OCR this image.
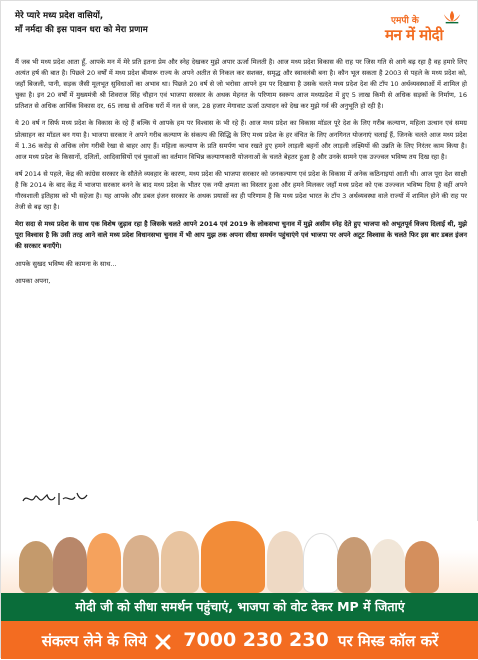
मेरे प्यारे मध्य प्रदेश वासियों,
माँ नर्मदा की इस पावन धरा को मेरा प्रणाम
एमपी के
मन में मोदी

मैं जब भी मध्य प्रदेश आता हूँ, आपके मन में मेरे प्रति इतना प्रेम और स्नेह देखकर मुझे अपार ऊर्जा मिलती है। आज मध्य प्रदेश विकास की राह पर जिस गति से आगे बढ़ रहा है वह हमारे लिए अत्यंत हर्ष की बात है। पिछले 20 वर्षों में मध्य प्रदेश बीमारू राज्य के अपने अतीत से निकल कर सशक्त, समृद्ध और स्वावलंबी बना है। कौन भूल सकता है 2003 से पहले के मध्य प्रदेश को, जहाँ बिजली, पानी, सड़क जैसी मूलभूत सुविधाओं का अभाव था। पिछले 20 वर्ष से जो भरोसा आपने हम पर दिखाया है उसके चलते मध्य प्रदेश देश की टॉप 10 अर्थव्यवस्थाओं में शामिल हो चुका है। इन 20 वर्षों में मुख्यमंत्री श्री शिवराज सिंह चौहान एवं भाजपा सरकार के अथक मेहनत के परिणाम स्वरूप आज मध्यप्रदेश में हुए 5 लाख किमी से अधिक सड़कों के निर्माण, 16 प्रतिशत से अधिक आर्थिक विकास दर, 65 लाख से अधिक घरों में नल से जल, 28 हजार मेगावाट ऊर्जा उत्पादन को देख कर मुझे गर्व की अनुभूति हो रही है।

ये 20 वर्ष न सिर्फ मध्य प्रदेश के विकास के रहे हैं बल्कि ये आपके हम पर विश्वास के भी रहे हैं। आज मध्य प्रदेश का विकास मॉडल पूरे देश के लिए गरीब कल्याण, महिला उत्थान एवं समग्र प्रोत्साहन का मॉडल बन गया है। भाजपा सरकार ने अपने गरीब कल्याण के संकल्प की सिद्धि के लिए मध्य प्रदेश के हर वंचित के लिए अनगिनत योजनाएं चलाई हैं, जिनके चलते आज मध्य प्रदेश में 1.36 करोड़ से अधिक लोग गरीबी रेखा से बाहर आए हैं। महिला कल्याण के प्रति समर्पण भाव रखते हुए हमने लाड़ली बहनों और लाड़ली लक्ष्मियों की उन्नति के लिए निरंतर काम किया है। आज मध्य प्रदेश के किसानों, दलितों, आदिवासियों एवं युवाओं का वर्तमान विभिन्न कल्याणकारी योजनाओं के चलते बेहतर हुआ है और उनके सामने एक उज्ज्वल भविष्य तय दिख रहा है।

वर्ष 2014 से पहले, केंद्र की कांग्रेस सरकार के सौतेले व्यवहार के कारण, मध्य प्रदेश की भाजपा सरकार को जनकल्याण एवं प्रदेश के विकास में अनेक कठिनाइयां आती थी। आज पूरा देश साक्षी है कि 2014 के बाद केंद्र में भाजपा सरकार बनने के बाद मध्य प्रदेश के भीतर एक नयी क्षमता का विस्तार हुआ और हमने मिलकर जहाँ मध्य प्रदेश को एक उज्ज्वल भविष्य दिया है वहीं अपने गौरवशाली इतिहास को भी सहेजा है। यह आपके और डबल इंजन सरकार के अथक प्रयासों का ही परिणाम है कि मध्य प्रदेश भारत के टॉप 3 अर्थव्यवस्था वाले राज्यों में शामिल होने की राह पर तेजी से बढ़ रहा है।

मेरा सदा से मध्य प्रदेश के साथ एक विशेष जुड़ाव रहा है जिसके चलते आपने 2014 एवं 2019 के लोकसभा चुनाव में मुझे असीम स्नेह देते हुए भाजपा को अभूतपूर्व विजय दिलाई थी, मुझे पूरा विश्वास है कि उसी तरह आने वाले मध्य प्रदेश विधानसभा चुनाव में भी आप मुझ तक अपना सीधा समर्थन पहुंचाएंगे एवं भाजपा पर अपने अटूट विश्वास के चलते फिर इस बार डबल इंजन की सरकार बनाएँगे।

आपके सुखद भविष्य की कामना के साथ...

आपका अपना,

मोदी जी को सीधा समर्थन पहुंचाएं, भाजपा को वोट देकर MP में जिताएं
संकल्प लेने के लिये 7000 230 230 पर मिस्ड कॉल करें
